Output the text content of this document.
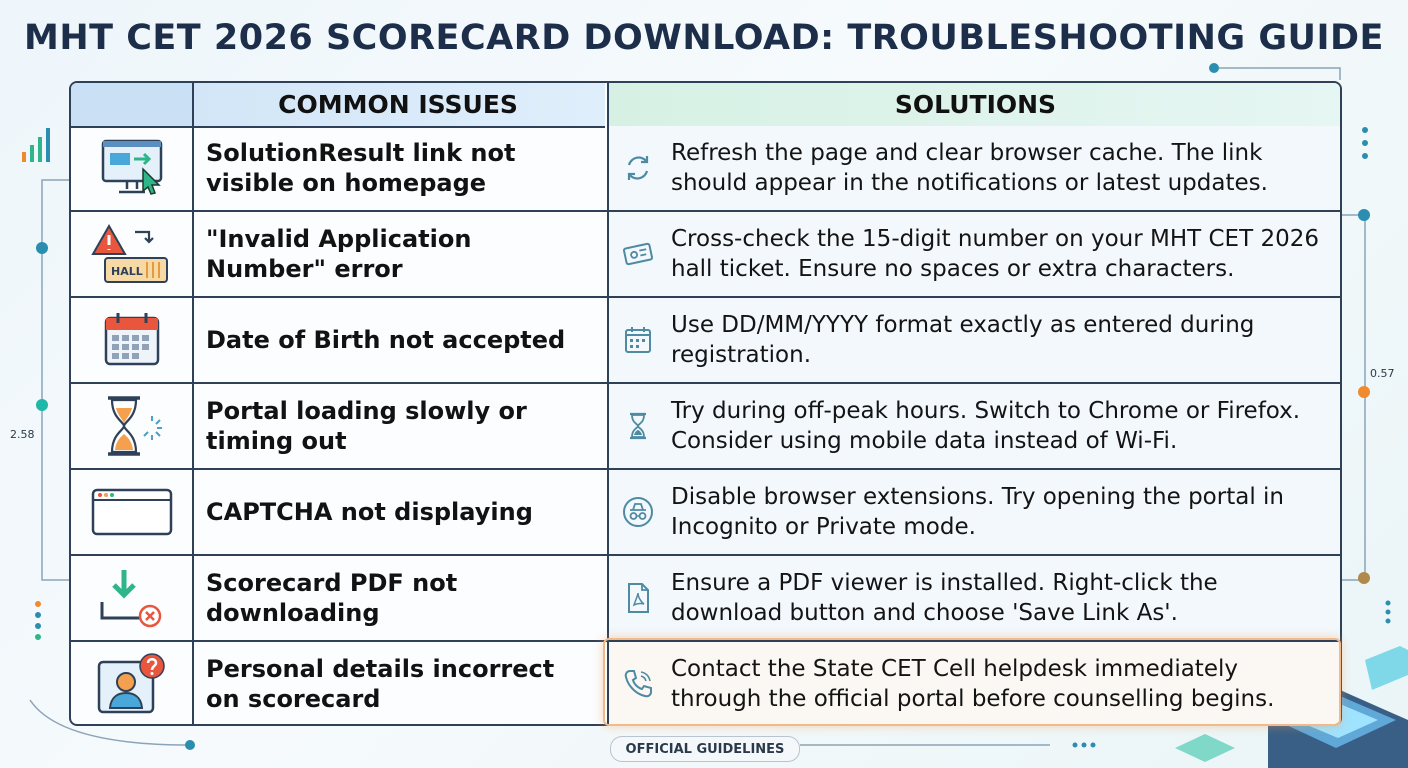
MHT CET 2026 SCORECARD DOWNLOAD: TROUBLESHOOTING GUIDE
2.58
0.57
COMMON ISSUES	SOLUTIONS
SolutionResult link not visible on homepage
Refresh the page and clear browser cache. The link should appear in the notifications or latest updates.
HALL
"Invalid Application Number" error
Cross-check the 15-digit number on your MHT CET 2026 hall ticket. Ensure no spaces or extra characters.
Date of Birth not accepted
Use DD/MM/YYYY format exactly as entered during registration.
Portal loading slowly or timing out
Try during off-peak hours. Switch to Chrome or Firefox. Consider using mobile data instead of Wi-Fi.
CAPTCHA not displaying
Disable browser extensions. Try opening the portal in Incognito or Private mode.
Scorecard PDF not downloading
Ensure a PDF viewer is installed. Right-click the download button and choose 'Save Link As'.
Personal details incorrect on scorecard
Contact the State CET Cell helpdesk immediately through the official portal before counselling begins.
OFFICIAL GUIDELINES
